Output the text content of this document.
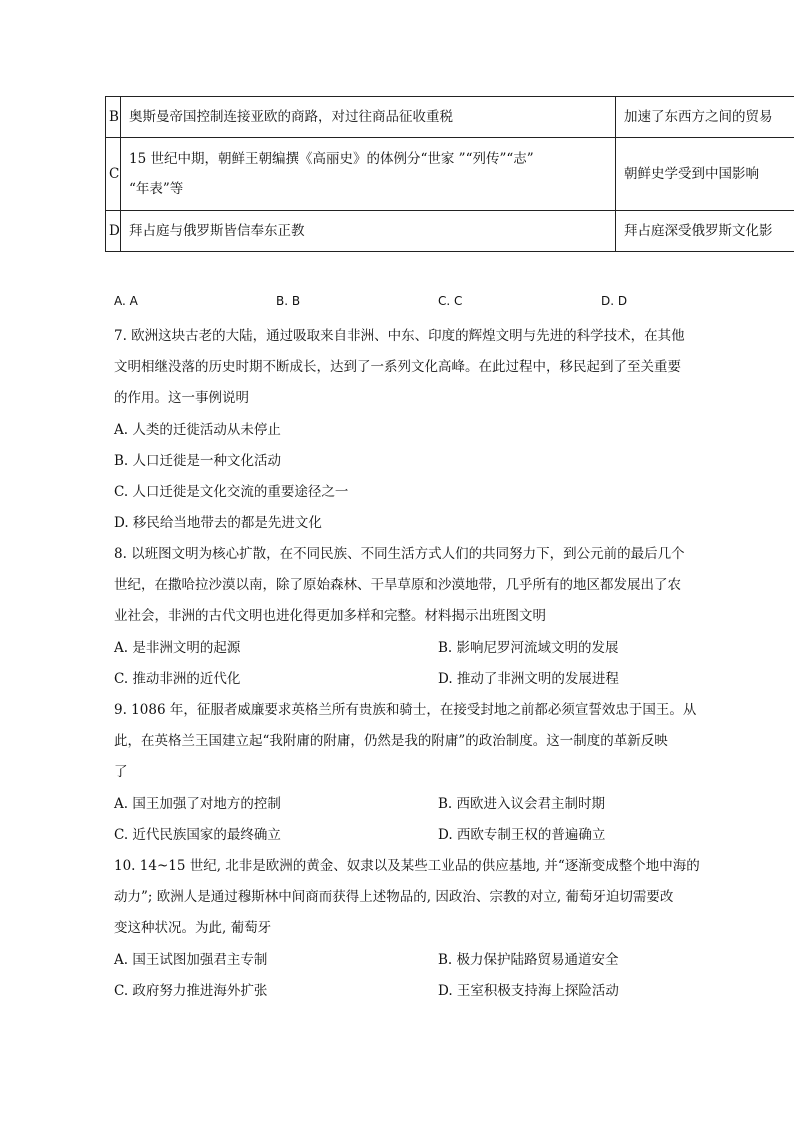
B	奥斯曼帝国控制连接亚欧的商路，对过往商品征收重税	加速了东西方之间的贸易
C	15 世纪中期，朝鲜王朝编撰《高丽史》的体例分“世家 ”“列传”“志”
“年表”等	朝鲜史学受到中国影响
D	拜占庭与俄罗斯皆信奉东正教	拜占庭深受俄罗斯文化影
A. A	B. B	C. C	D. D
7. 欧洲这块古老的大陆，通过吸取来自非洲、中东、印度的辉煌文明与先进的科学技术，在其他
文明相继没落的历史时期不断成长，达到了一系列文化高峰。在此过程中，移民起到了至关重要
的作用。这一事例说明
A. 人类的迁徙活动从未停止
B. 人口迁徙是一种文化活动
C. 人口迁徙是文化交流的重要途径之一
D. 移民给当地带去的都是先进文化
8. 以班图文明为核心扩散，在不同民族、不同生活方式人们的共同努力下，到公元前的最后几个
世纪，在撒哈拉沙漠以南，除了原始森林、干旱草原和沙漠地带，几乎所有的地区都发展出了农
业社会，非洲的古代文明也进化得更加多样和完整。材料揭示出班图文明
A. 是非洲文明的起源	B. 影响尼罗河流域文明的发展
C. 推动非洲的近代化	D. 推动了非洲文明的发展进程
9. 1086 年，征服者威廉要求英格兰所有贵族和骑士，在接受封地之前都必须宣誓效忠于国王。从
此，在英格兰王国建立起“我附庸的附庸，仍然是我的附庸”的政治制度。这一制度的革新反映
了
A. 国王加强了对地方的控制	B. 西欧进入议会君主制时期
C. 近代民族国家的最终确立	D. 西欧专制王权的普遍确立
10. 14~15 世纪, 北非是欧洲的黄金、奴隶以及某些工业品的供应基地, 并“逐渐变成整个地中海的
动力”; 欧洲人是通过穆斯林中间商而获得上述物品的, 因政治、宗教的对立, 葡萄牙迫切需要改
变这种状况。为此, 葡萄牙
A. 国王试图加强君主专制	B. 极力保护陆路贸易通道安全
C. 政府努力推进海外扩张	D. 王室积极支持海上探险活动
